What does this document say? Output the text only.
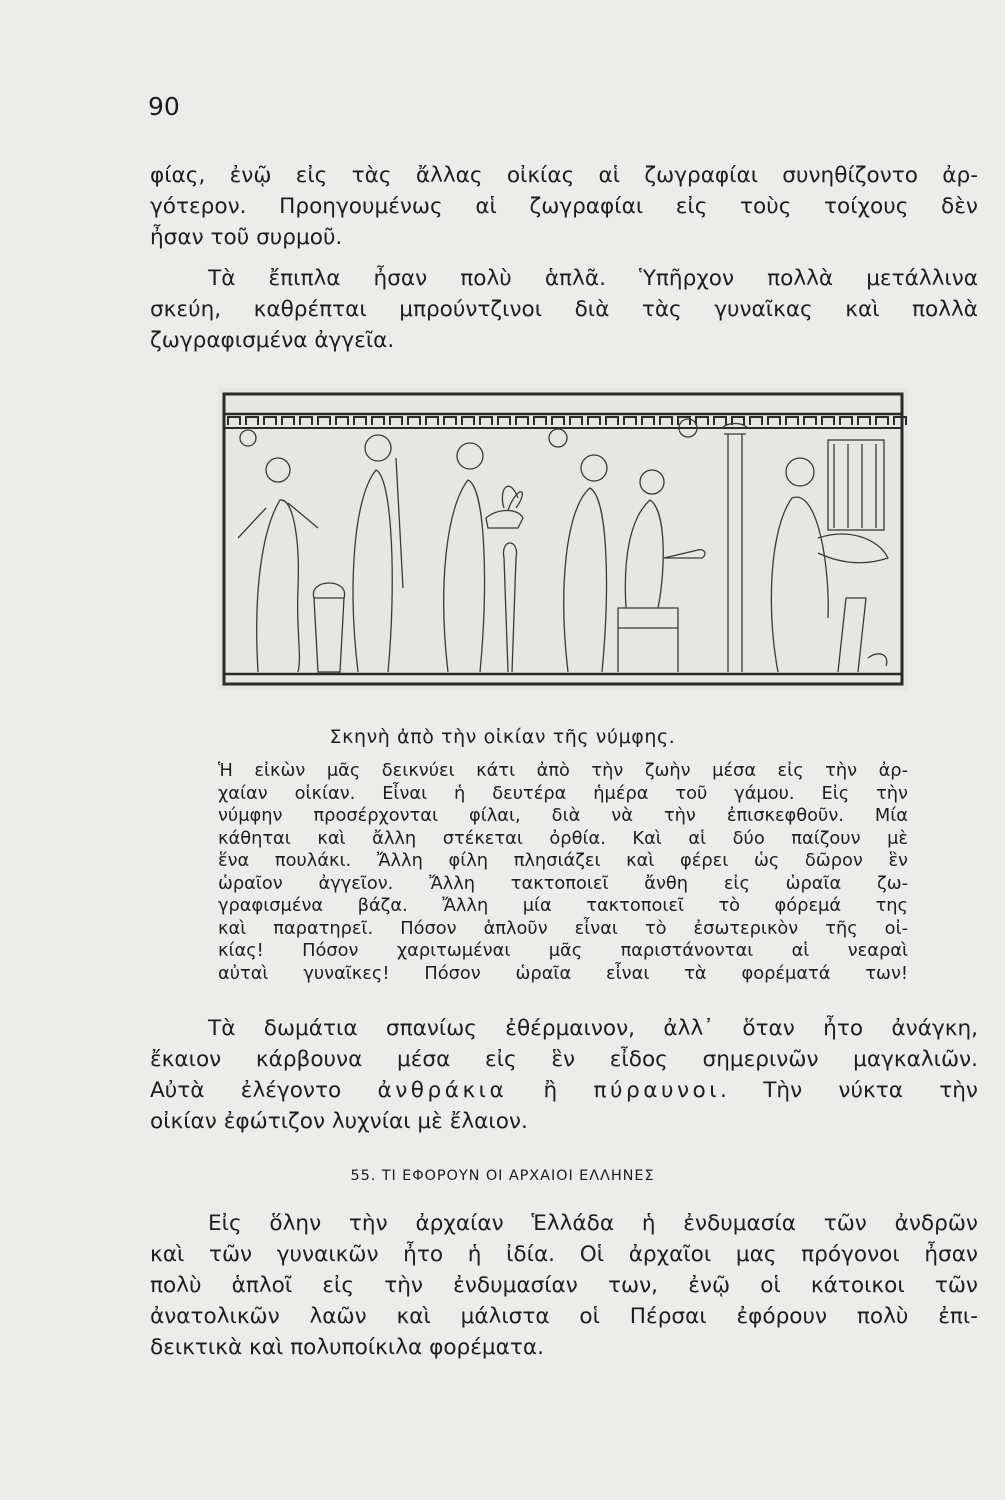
90

φίας, ἐνῷ εἰς τὰς ἄλλας οἰκίας αἱ ζωγραφίαι συνηθίζοντο ἀρ-
γότερον. Προηγουμένως αἱ ζωγραφίαι εἰς τοὺς τοίχους δὲν
ἦσαν τοῦ συρμοῦ.

Τὰ ἔπιπλα ἦσαν πολὺ ἁπλᾶ. Ὑπῆρχον πολλὰ μετάλλινα
σκεύη, καθρέπται μπρούντζινοι διὰ τὰς γυναῖκας καὶ πολλὰ
ζωγραφισμένα ἀγγεῖα.

Σκηνὴ ἀπὸ τὴν οἰκίαν τῆς νύμφης.

Ἡ εἰκὼν μᾶς δεικνύει κάτι ἀπὸ τὴν ζωὴν μέσα εἰς τὴν ἀρ-
χαίαν οἰκίαν. Εἶναι ἡ δευτέρα ἡμέρα τοῦ γάμου. Εἰς τὴν
νύμφην προσέρχονται φίλαι, διὰ νὰ τὴν ἐπισκεφθοῦν. Μία
κάθηται καὶ ἄλλη στέκεται ὀρθία. Καὶ αἱ δύο παίζουν μὲ
ἕνα πουλάκι. Ἄλλη φίλη πλησιάζει καὶ φέρει ὡς δῶρον ἓν
ὡραῖον ἀγγεῖον. Ἄλλη τακτοποιεῖ ἄνθη εἰς ὡραῖα ζω-
γραφισμένα βάζα. Ἄλλη μία τακτοποιεῖ τὸ φόρεμά της
καὶ παρατηρεῖ. Πόσον ἁπλοῦν εἶναι τὸ ἐσωτερικὸν τῆς οἰ-
κίας! Πόσον χαριτωμέναι μᾶς παριστάνονται αἱ νεαραὶ
αὐταὶ γυναῖκες! Πόσον ὡραῖα εἶναι τὰ φορέματά των!

Τὰ δωμάτια σπανίως ἐθέρμαινον, ἀλλ᾽ ὅταν ἦτο ἀνάγκη,
ἔκαιον κάρβουνα μέσα εἰς ἓν εἶδος σημερινῶν μαγκαλιῶν.
Αὐτὰ ἐλέγοντο ἀνθράκια ἢ πύραυνοι. Τὴν νύκτα τὴν
οἰκίαν ἐφώτιζον λυχνίαι μὲ ἔλαιον.

55. ΤΙ ΕΦΟΡΟΥΝ ΟΙ ΑΡΧΑΙΟΙ ΕΛΛΗΝΕΣ

Εἰς ὅλην τὴν ἀρχαίαν Ἑλλάδα ἡ ἐνδυμασία τῶν ἀνδρῶν
καὶ τῶν γυναικῶν ἦτο ἡ ἰδία. Οἱ ἀρχαῖοι μας πρόγονοι ἦσαν
πολὺ ἁπλοῖ εἰς τὴν ἐνδυμασίαν των, ἐνῷ οἱ κάτοικοι τῶν
ἀνατολικῶν λαῶν καὶ μάλιστα οἱ Πέρσαι ἐφόρουν πολὺ ἐπι-
δεικτικὰ καὶ πολυποίκιλα φορέματα.
